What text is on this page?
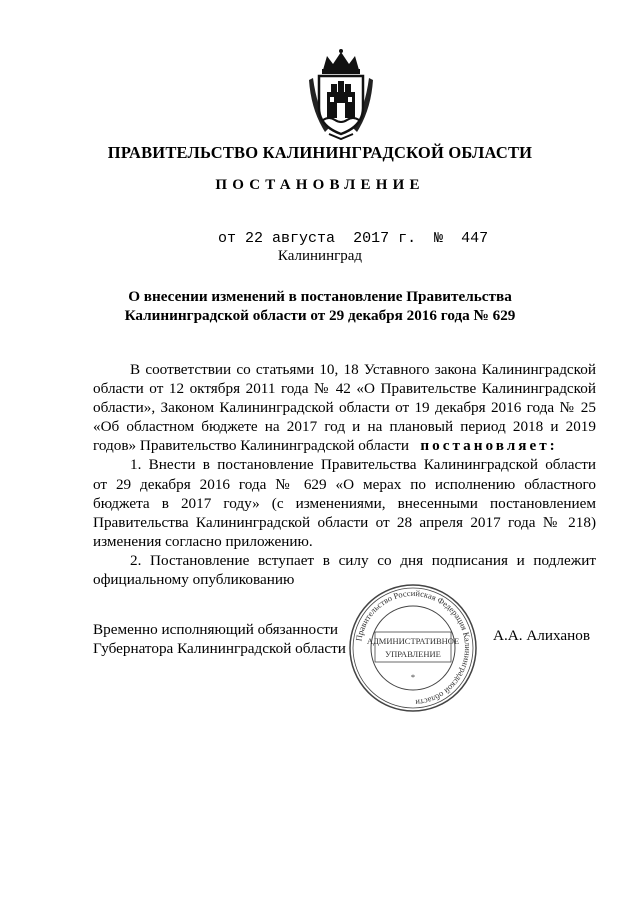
ПРАВИТЕЛЬСТВО КАЛИНИНГРАДСКОЙ ОБЛАСТИ
ПОСТАНОВЛЕНИЕ
от 22 августа 2017 г. № 447
Калининград
О внесении изменений в постановление Правительства
Калининградской области от 29 декабря 2016 года № 629
В соответствии со статьями 10, 18 Уставного закона Калининградской
области от 12 октября 2011 года № 42 «О Правительстве Калининградской
области», Законом Калининградской области от 19 декабря 2016 года № 25
«Об областном бюджете на 2017 год и на плановый период 2018 и 2019
годов» Правительство Калининградской области постановляет:
1. Внести в постановление Правительства Калининградской области
от 29 декабря 2016 года № 629 «О мерах по исполнению областного
бюджета в 2017 году» (с изменениями, внесенными постановлением
Правительства Калининградской области от 28 апреля 2017 года № 218)
изменения согласно приложению.
2. Постановление вступает в силу со дня подписания и подлежит
официальному опубликованию
Временно исполняющий обязанности
Губернатора Калининградской области
Правительство Российская Федерация Калининградской области
АДМИНИСТРАТИВНОЕ
УПРАВЛЕНИЕ
*
А.А. Алиханов
